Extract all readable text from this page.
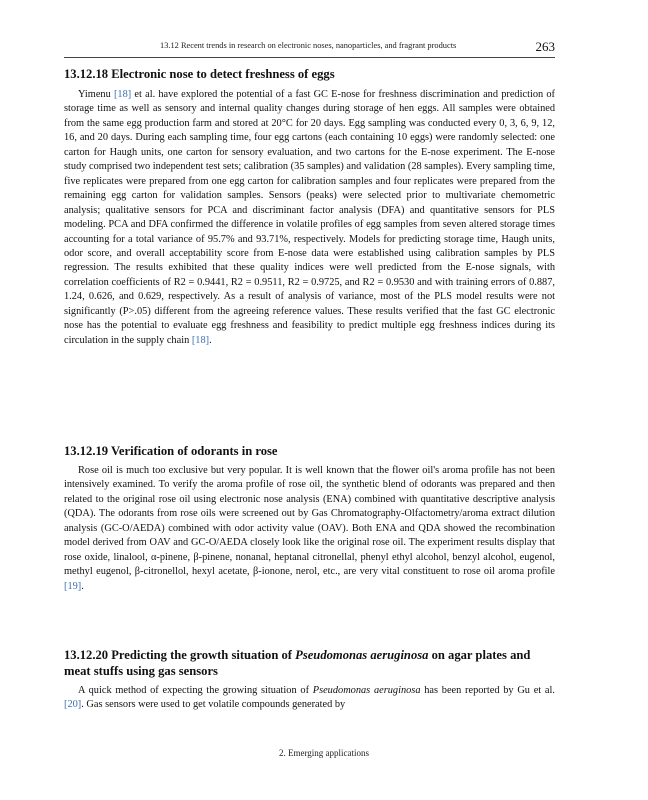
13.12 Recent trends in research on electronic noses, nanoparticles, and fragrant products	263
13.12.18 Electronic nose to detect freshness of eggs

Yimenu [18] et al. have explored the potential of a fast GC E-nose for freshness discrimination and prediction of storage time as well as sensory and internal quality changes during storage of hen eggs. All samples were obtained from the same egg production farm and stored at 20°C for 20 days. Egg sampling was conducted every 0, 3, 6, 9, 12, 16, and 20 days. During each sampling time, four egg cartons (each containing 10 eggs) were randomly selected: one carton for Haugh units, one carton for sensory evaluation, and two cartons for the E-nose experiment. The E-nose study comprised two independent test sets; calibration (35 samples) and validation (28 samples). Every sampling time, five replicates were prepared from one egg carton for calibration samples and four replicates were prepared from the remaining egg carton for validation samples. Sensors (peaks) were selected prior to multivariate chemometric analysis; qualitative sensors for PCA and discriminant factor analysis (DFA) and quantitative sensors for PLS modeling. PCA and DFA confirmed the difference in volatile profiles of egg samples from seven altered storage times accounting for a total variance of 95.7% and 93.71%, respectively. Models for predicting storage time, Haugh units, odor score, and overall acceptability score from E-nose data were established using calibration samples by PLS regression. The results exhibited that these quality indices were well predicted from the E-nose signals, with correlation coefficients of R2 = 0.9441, R2 = 0.9511, R2 = 0.9725, and R2 = 0.9530 and with training errors of 0.887, 1.24, 0.626, and 0.629, respectively. As a result of analysis of variance, most of the PLS model results were not significantly (P>.05) different from the agreeing reference values. These results verified that the fast GC electronic nose has the potential to evaluate egg freshness and feasibility to predict multiple egg freshness indices during its circulation in the supply chain [18].

13.12.19 Verification of odorants in rose

Rose oil is much too exclusive but very popular. It is well known that the flower oil's aroma profile has not been intensively examined. To verify the aroma profile of rose oil, the synthetic blend of odorants was prepared and then related to the original rose oil using electronic nose analysis (ENA) combined with quantitative descriptive analysis (QDA). The odorants from rose oils were screened out by Gas Chromatography-Olfactometry/aroma extract dilution analysis (GC-O/AEDA) combined with odor activity value (OAV). Both ENA and QDA showed the recombination model derived from OAV and GC-O/AEDA closely look like the original rose oil. The experiment results display that rose oxide, linalool, α-pinene, β-pinene, nonanal, heptanal citronellal, phenyl ethyl alcohol, benzyl alcohol, eugenol, methyl eugenol, β-citronellol, hexyl acetate, β-ionone, nerol, etc., are very vital constituent to rose oil aroma profile [19].

13.12.20 Predicting the growth situation of Pseudomonas aeruginosa on agar plates and meat stuffs using gas sensors

A quick method of expecting the growing situation of Pseudomonas aeruginosa has been reported by Gu et al. [20]. Gas sensors were used to get volatile compounds generated by

2. Emerging applications
